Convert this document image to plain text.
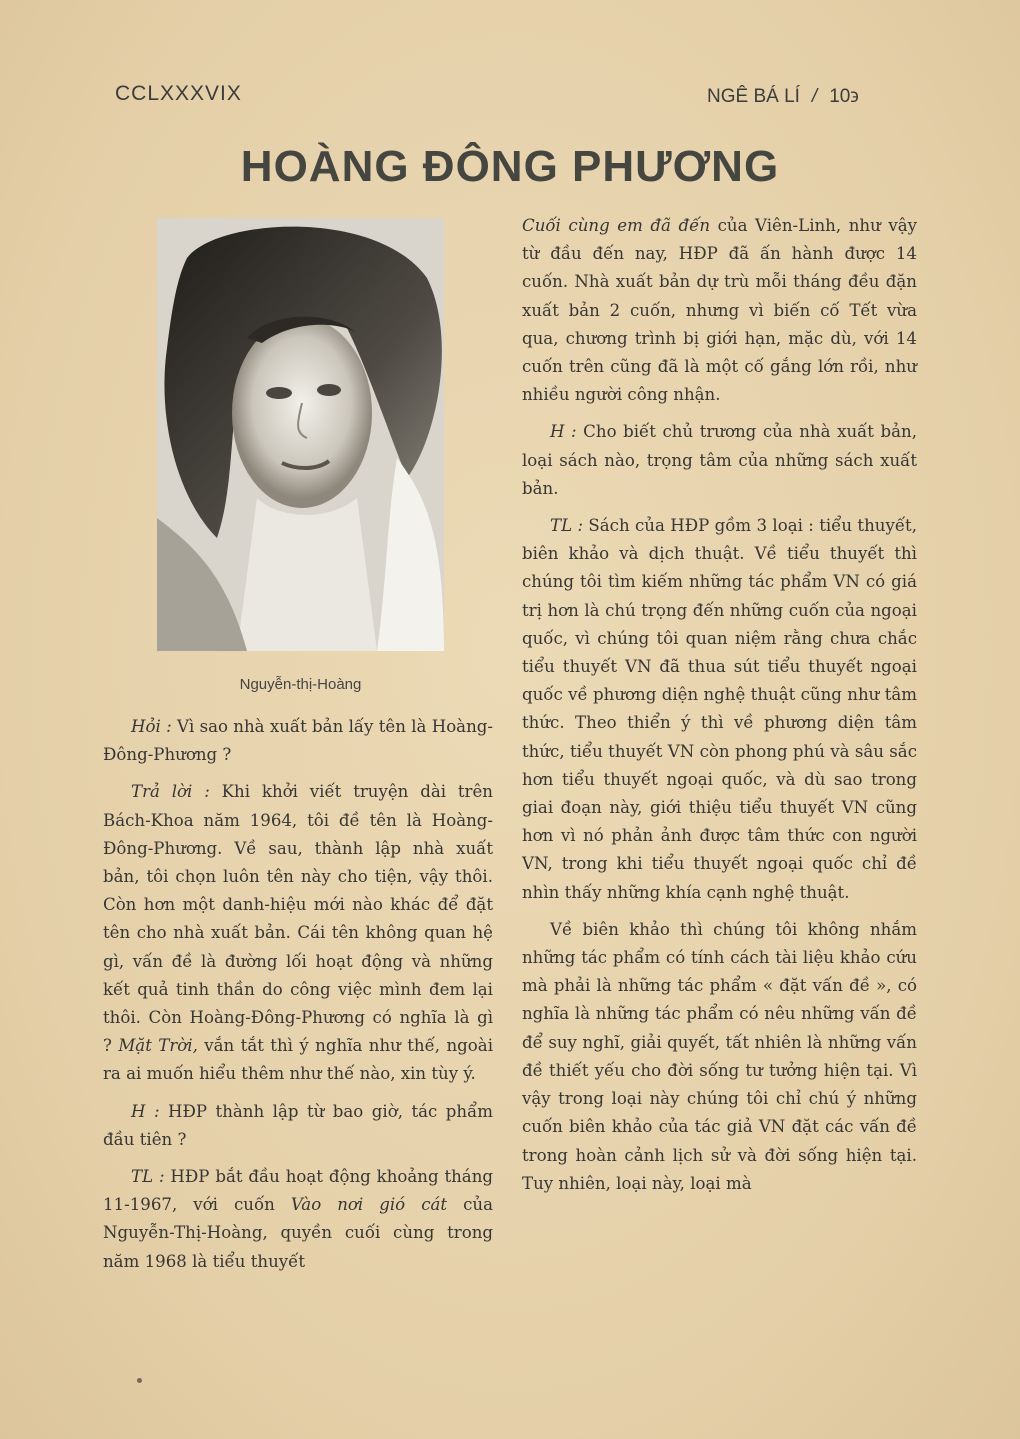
CCLXXXVIX	NGÊ BÁ LÍ / 10϶
HOÀNG ĐÔNG PHƯƠNG
Nguyễn-thị-Hoàng

Hỏi : Vì sao nhà xuất bản lấy tên là Hoàng-Đông-Phương ?

Trả lời : Khi khởi viết truyện dài trên Bách-Khoa năm 1964, tôi đề tên là Hoàng-Đông-Phương. Về sau, thành lập nhà xuất bản, tôi chọn luôn tên này cho tiện, vậy thôi. Còn hơn một danh-hiệu mới nào khác để đặt tên cho nhà xuất bản. Cái tên không quan hệ gì, vấn đề là đường lối hoạt động và những kết quả tinh thần do công việc mình đem lại thôi. Còn Hoàng-Đông-Phương có nghĩa là gì ? Mặt Trời, vắn tắt thì ý nghĩa như thế, ngoài ra ai muốn hiểu thêm như thế nào, xin tùy ý.

H : HĐP thành lập từ bao giờ, tác phẩm đầu tiên ?

TL : HĐP bắt đầu hoạt động khoảng tháng 11-1967, với cuốn Vào nơi gió cát của Nguyễn-Thị-Hoàng, quyền cuối cùng trong năm 1968 là tiểu thuyết

Cuối cùng em đã đến của Viên-Linh, như vậy từ đầu đến nay, HĐP đã ấn hành được 14 cuốn. Nhà xuất bản dự trù mỗi tháng đều đặn xuất bản 2 cuốn, nhưng vì biến cố Tết vừa qua, chương trình bị giới hạn, mặc dù, với 14 cuốn trên cũng đã là một cố gắng lớn rồi, như nhiều người công nhận.

H : Cho biết chủ trương của nhà xuất bản, loại sách nào, trọng tâm của những sách xuất bản.

TL : Sách của HĐP gồm 3 loại : tiểu thuyết, biên khảo và dịch thuật. Về tiểu thuyết thì chúng tôi tìm kiếm những tác phẩm VN có giá trị hơn là chú trọng đến những cuốn của ngoại quốc, vì chúng tôi quan niệm rằng chưa chắc tiểu thuyết VN đã thua sút tiểu thuyết ngoại quốc về phương diện nghệ thuật cũng như tâm thức. Theo thiển ý thì về phương diện tâm thức, tiểu thuyết VN còn phong phú và sâu sắc hơn tiểu thuyết ngoại quốc, và dù sao trong giai đoạn này, giới thiệu tiểu thuyết VN cũng hơn vì nó phản ảnh được tâm thức con người VN, trong khi tiểu thuyết ngoại quốc chỉ đề nhìn thấy những khía cạnh nghệ thuật.

Về biên khảo thì chúng tôi không nhắm những tác phẩm có tính cách tài liệu khảo cứu mà phải là những tác phẩm « đặt vấn đề », có nghĩa là những tác phẩm có nêu những vấn đề để suy nghĩ, giải quyết, tất nhiên là những vấn đề thiết yếu cho đời sống tư tưởng hiện tại. Vì vậy trong loại này chúng tôi chỉ chú ý những cuốn biên khảo của tác giả VN đặt các vấn đề trong hoàn cảnh lịch sử và đời sống hiện tại. Tuy nhiên, loại này, loại mà
